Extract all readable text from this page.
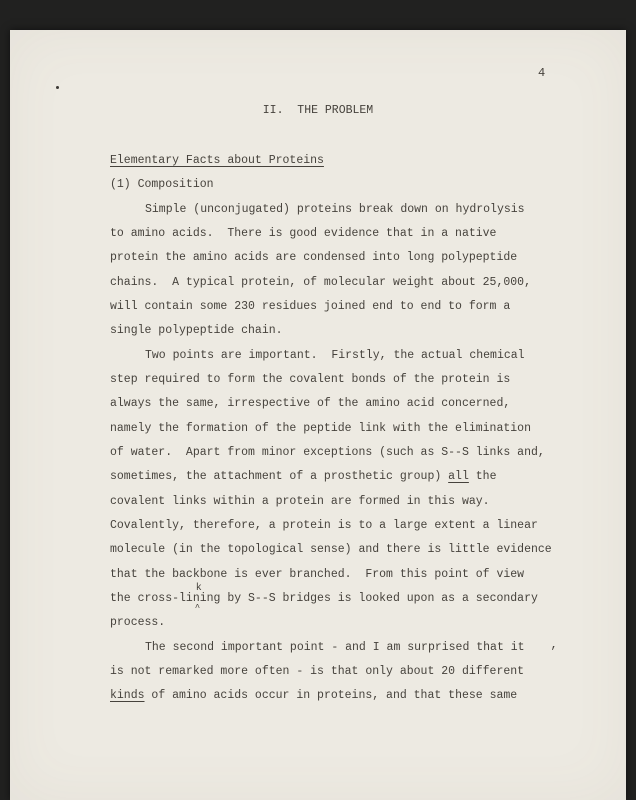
4
II.  THE PROBLEM
Elementary Facts about Proteins
(1) Composition
Simple (unconjugated) proteins break down on hydrolysis
to amino acids.  There is good evidence that in a native
protein the amino acids are condensed into long polypeptide
chains.  A typical protein, of molecular weight about 25,000,
will contain some 230 residues joined end to end to form a
single polypeptide chain.
Two points are important.  Firstly, the actual chemical
step required to form the covalent bonds of the protein is
always the same, irrespective of the amino acid concerned,
namely the formation of the peptide link with the elimination
of water.  Apart from minor exceptions (such as S--S links and,
sometimes, the attachment of a prosthetic group) all the
covalent links within a protein are formed in this way.
Covalently, therefore, a protein is to a large extent a linear
molecule (in the topological sense) and there is little evidence
that the backbone is ever branched.  From this point of view
the cross-lin
k
^
ing by S--S bridges is looked upon as a secondary
process.
The second important point - and I am surprised that i	,t
is not remarked more often - is that only about 20 different
kinds of amino acids occur in proteins, and that these same
